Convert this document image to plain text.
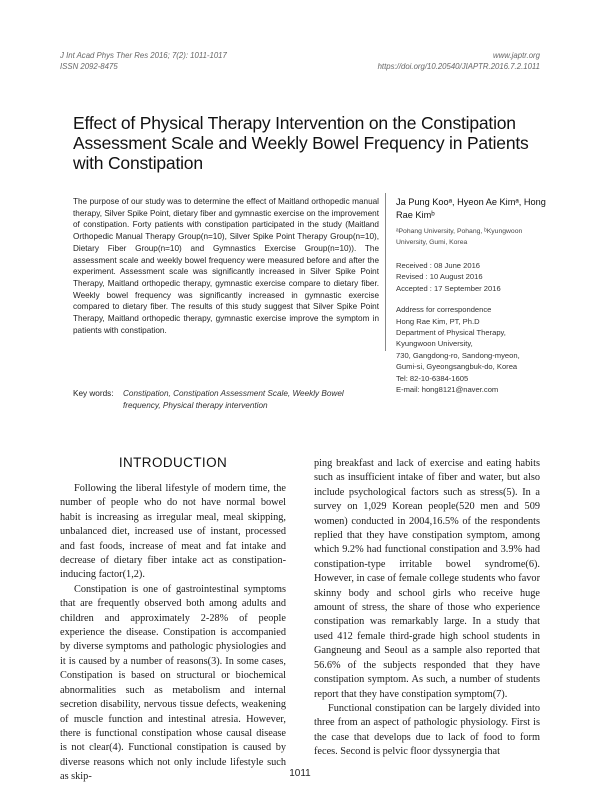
J Int Acad Phys Ther Res 2016; 7(2): 1011-1017
ISSN 2092-8475
www.japtr.org
https://doi.org/10.20540/JIAPTR.2016.7.2.1011
Effect of Physical Therapy Intervention on the Constipation Assessment Scale and Weekly Bowel Frequency in Patients with Constipation
The purpose of our study was to determine the effect of Maitland orthopedic manual therapy, Silver Spike Point, dietary fiber and gymnastic exercise on the improvement of constipation. Forty patients with constipation participated in the study (Maitland Orthopedic Manual Therapy Group(n=10), Silver Spike Point Therapy Group(n=10), Dietary Fiber Group(n=10) and Gymnastics Exercise Group(n=10)). The assessment scale and weekly bowel frequency were measured before and after the experiment. Assessment scale was significantly increased in Silver Spike Point Therapy, Maitland orthopedic therapy, gymnastic exercise compare to dietary fiber. Weekly bowel frequency was significantly increased in gymnastic exercise compared to dietary fiber. The results of this study suggest that Silver Spike Point Therapy, Maitland orthopedic therapy, gymnastic exercise improve the symptom in patients with constipation.
Ja Pung Kooᵃ, Hyeon Ae Kimᵃ, Hong Rae Kimᵇ
ᵃPohang University, Pohang, ᵇKyungwoon University, Gumi, Korea
Received : 08 June 2016
Revised : 10 August 2016
Accepted : 17 September 2016
Address for correspondence
Hong Rae Kim, PT, Ph.D
Department of Physical Therapy,
Kyungwoon University,
730, Gangdong-ro, Sandong-myeon,
Gumi-si, Gyeongsangbuk-do, Korea
Tel: 82-10-6384-1605
E-mail: hong8121@naver.com
Key words: Constipation, Constipation Assessment Scale, Weekly Bowel frequency, Physical therapy intervention
INTRODUCTION

Following the liberal lifestyle of modern time, the number of people who do not have normal bowel habit is increasing as irregular meal, meal skipping, unbalanced diet, increased use of instant, processed and fast foods, increase of meat and fat intake and decrease of dietary fiber intake act as constipation-inducing factor(1,2).

Constipation is one of gastrointestinal symptoms that are frequently observed both among adults and children and approximately 2-28% of people experience the disease. Constipation is accompanied by diverse symptoms and pathologic physiologies and it is caused by a number of reasons(3). In some cases, Constipation is based on structural or biochemical abnormalities such as metabolism and internal secretion disability, nervous tissue defects, weakening of muscle function and intestinal atresia. However, there is functional constipation whose causal disease is not clear(4). Functional constipation is caused by diverse reasons which not only include lifestyle such as skip-

ping breakfast and lack of exercise and eating habits such as insufficient intake of fiber and water, but also include psychological factors such as stress(5). In a survey on 1,029 Korean people(520 men and 509 women) conducted in 2004,16.5% of the respondents replied that they have constipation symptom, among which 9.2% had functional constipation and 3.9% had constipation-type irritable bowel syndrome(6). However, in case of female college students who favor skinny body and school girls who receive huge amount of stress, the share of those who experience constipation was remarkably large. In a study that used 412 female third-grade high school students in Gangneung and Seoul as a sample also reported that 56.6% of the subjects responded that they have constipation symptom. As such, a number of students report that they have constipation symptom(7).

Functional constipation can be largely divided into three from an aspect of pathologic physiology. First is the case that develops due to lack of food to form feces. Second is pelvic floor dyssynergia that

1011
